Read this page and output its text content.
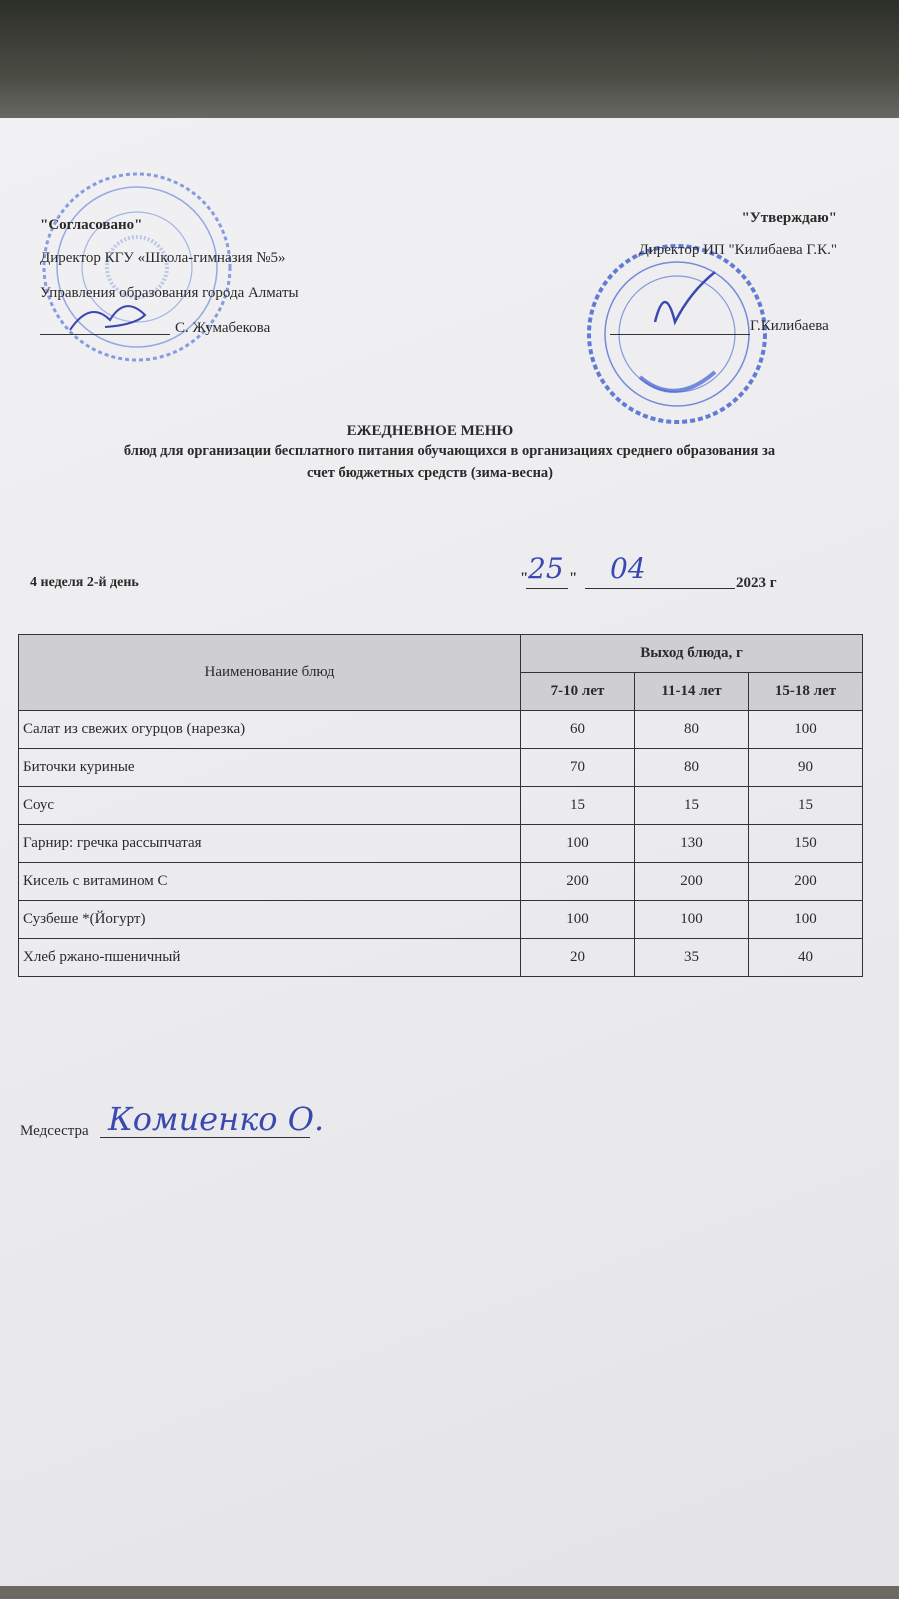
"Согласовано"
Директор КГУ «Школа-гимназия №5»
Управления образования города Алматы
С. Жумабекова
"Утверждаю"
Директор ИП "Килибаева Г.К."
Г.Килибаева
ЕЖЕДНЕВНОЕ МЕНЮ
блюд для организации бесплатного питания обучающихся в организациях среднего образования за
счет бюджетных средств (зима-весна)
4 неделя 2-й день	" 25 " 04	2023 г
Наименование блюд	Выход блюда, г		
	7-10 лет	11-14 лет	15-18 лет
Салат из свежих огурцов (нарезка)	60	80	100
Биточки куриные	70	80	90
Соус	15	15	15
Гарнир: гречка рассыпчатая	100	130	150
Кисель с витамином С	200	200	200
Сузбеше *(Йогурт)	100	100	100
Хлеб ржано-пшеничный	20	35	40
Медсестра Комиенко О.
